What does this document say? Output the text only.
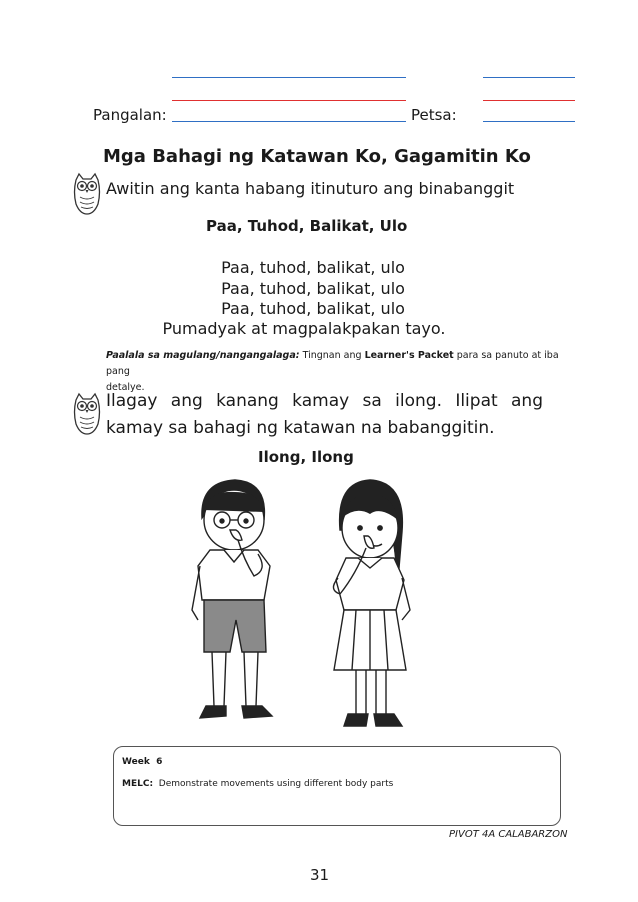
Pangalan:	Petsa:
Mga Bahagi ng Katawan Ko, Gagamitin Ko
Awitin ang kanta habang itinuturo ang binabanggit
Paa, Tuhod, Balikat, Ulo
Paa, tuhod, balikat, ulo
Paa, tuhod, balikat, ulo
Paa, tuhod, balikat, ulo
Pumadyak at magpalakpakan tayo.
Paalala sa magulang/nangangalaga: Tingnan ang Learner's Packet para sa panuto at iba pang
detalye.
Ilagay ang kanang kamay sa ilong. Ilipat ang
kamay sa bahagi ng katawan na babanggitin.
Ilong, Ilong
Week 6
MELC: Demonstrate movements using different body parts
PIVOT 4A CALABARZON
31
